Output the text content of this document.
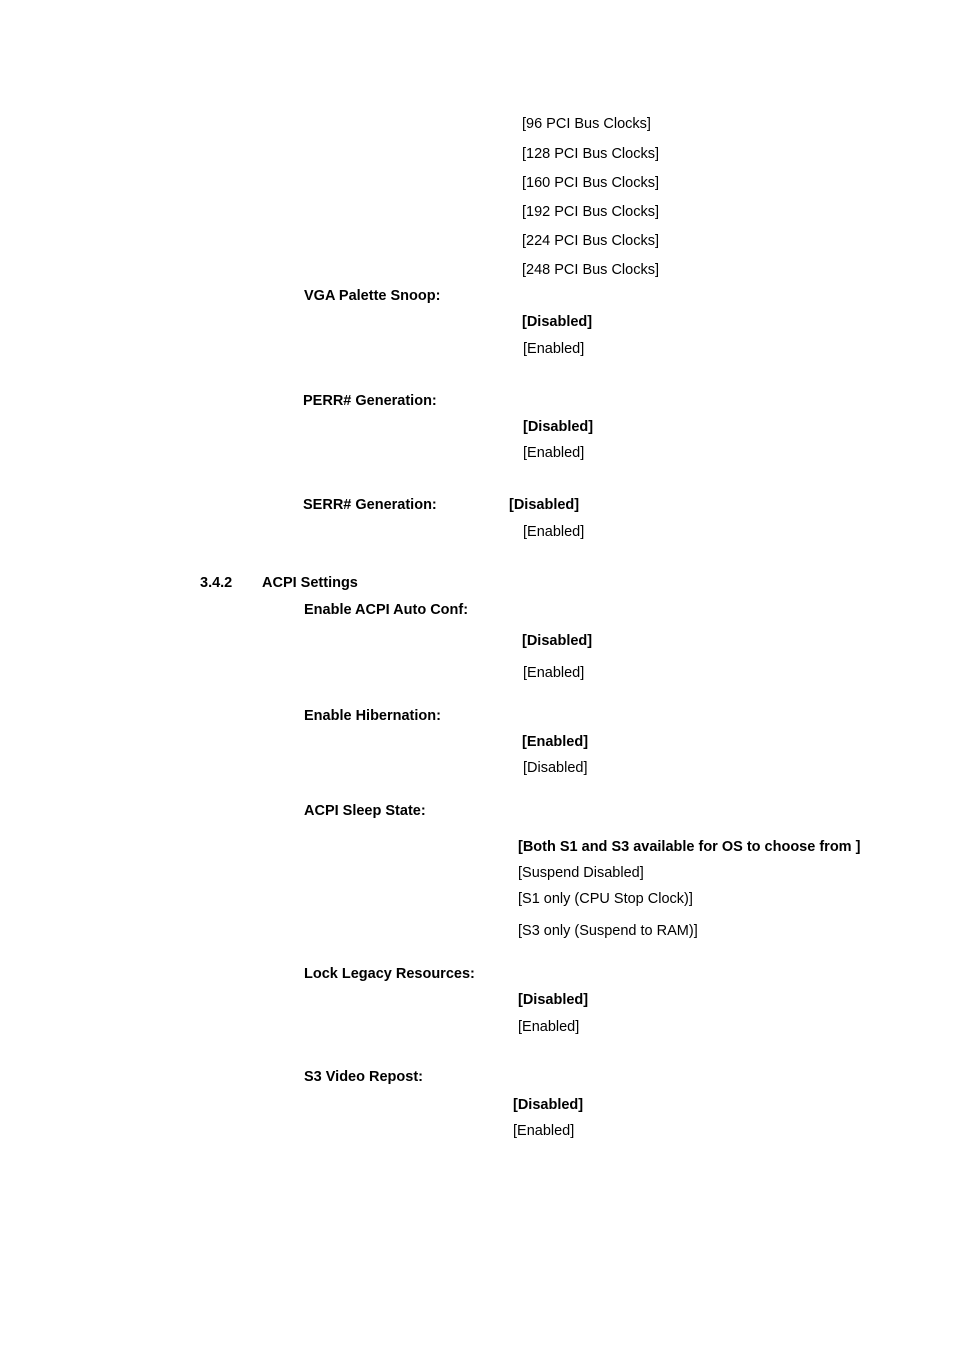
[96 PCI Bus Clocks]
[128 PCI Bus Clocks]
[160 PCI Bus Clocks]
[192 PCI Bus Clocks]
[224 PCI Bus Clocks]
[248 PCI Bus Clocks]
VGA Palette Snoop:
[Disabled]
[Enabled]
PERR# Generation:
[Disabled]
[Enabled]
SERR# Generation:	[Disabled]
[Enabled]
3.4.2 ACPI Settings
Enable ACPI Auto Conf:
[Disabled]
[Enabled]
Enable Hibernation:
[Enabled]
[Disabled]
ACPI Sleep State:
[Both S1 and S3 available for OS to choose from ]
[Suspend Disabled]
[S1 only (CPU Stop Clock)]
[S3 only (Suspend to RAM)]
Lock Legacy Resources:
[Disabled]
[Enabled]
S3 Video Repost:
[Disabled]
[Enabled]
